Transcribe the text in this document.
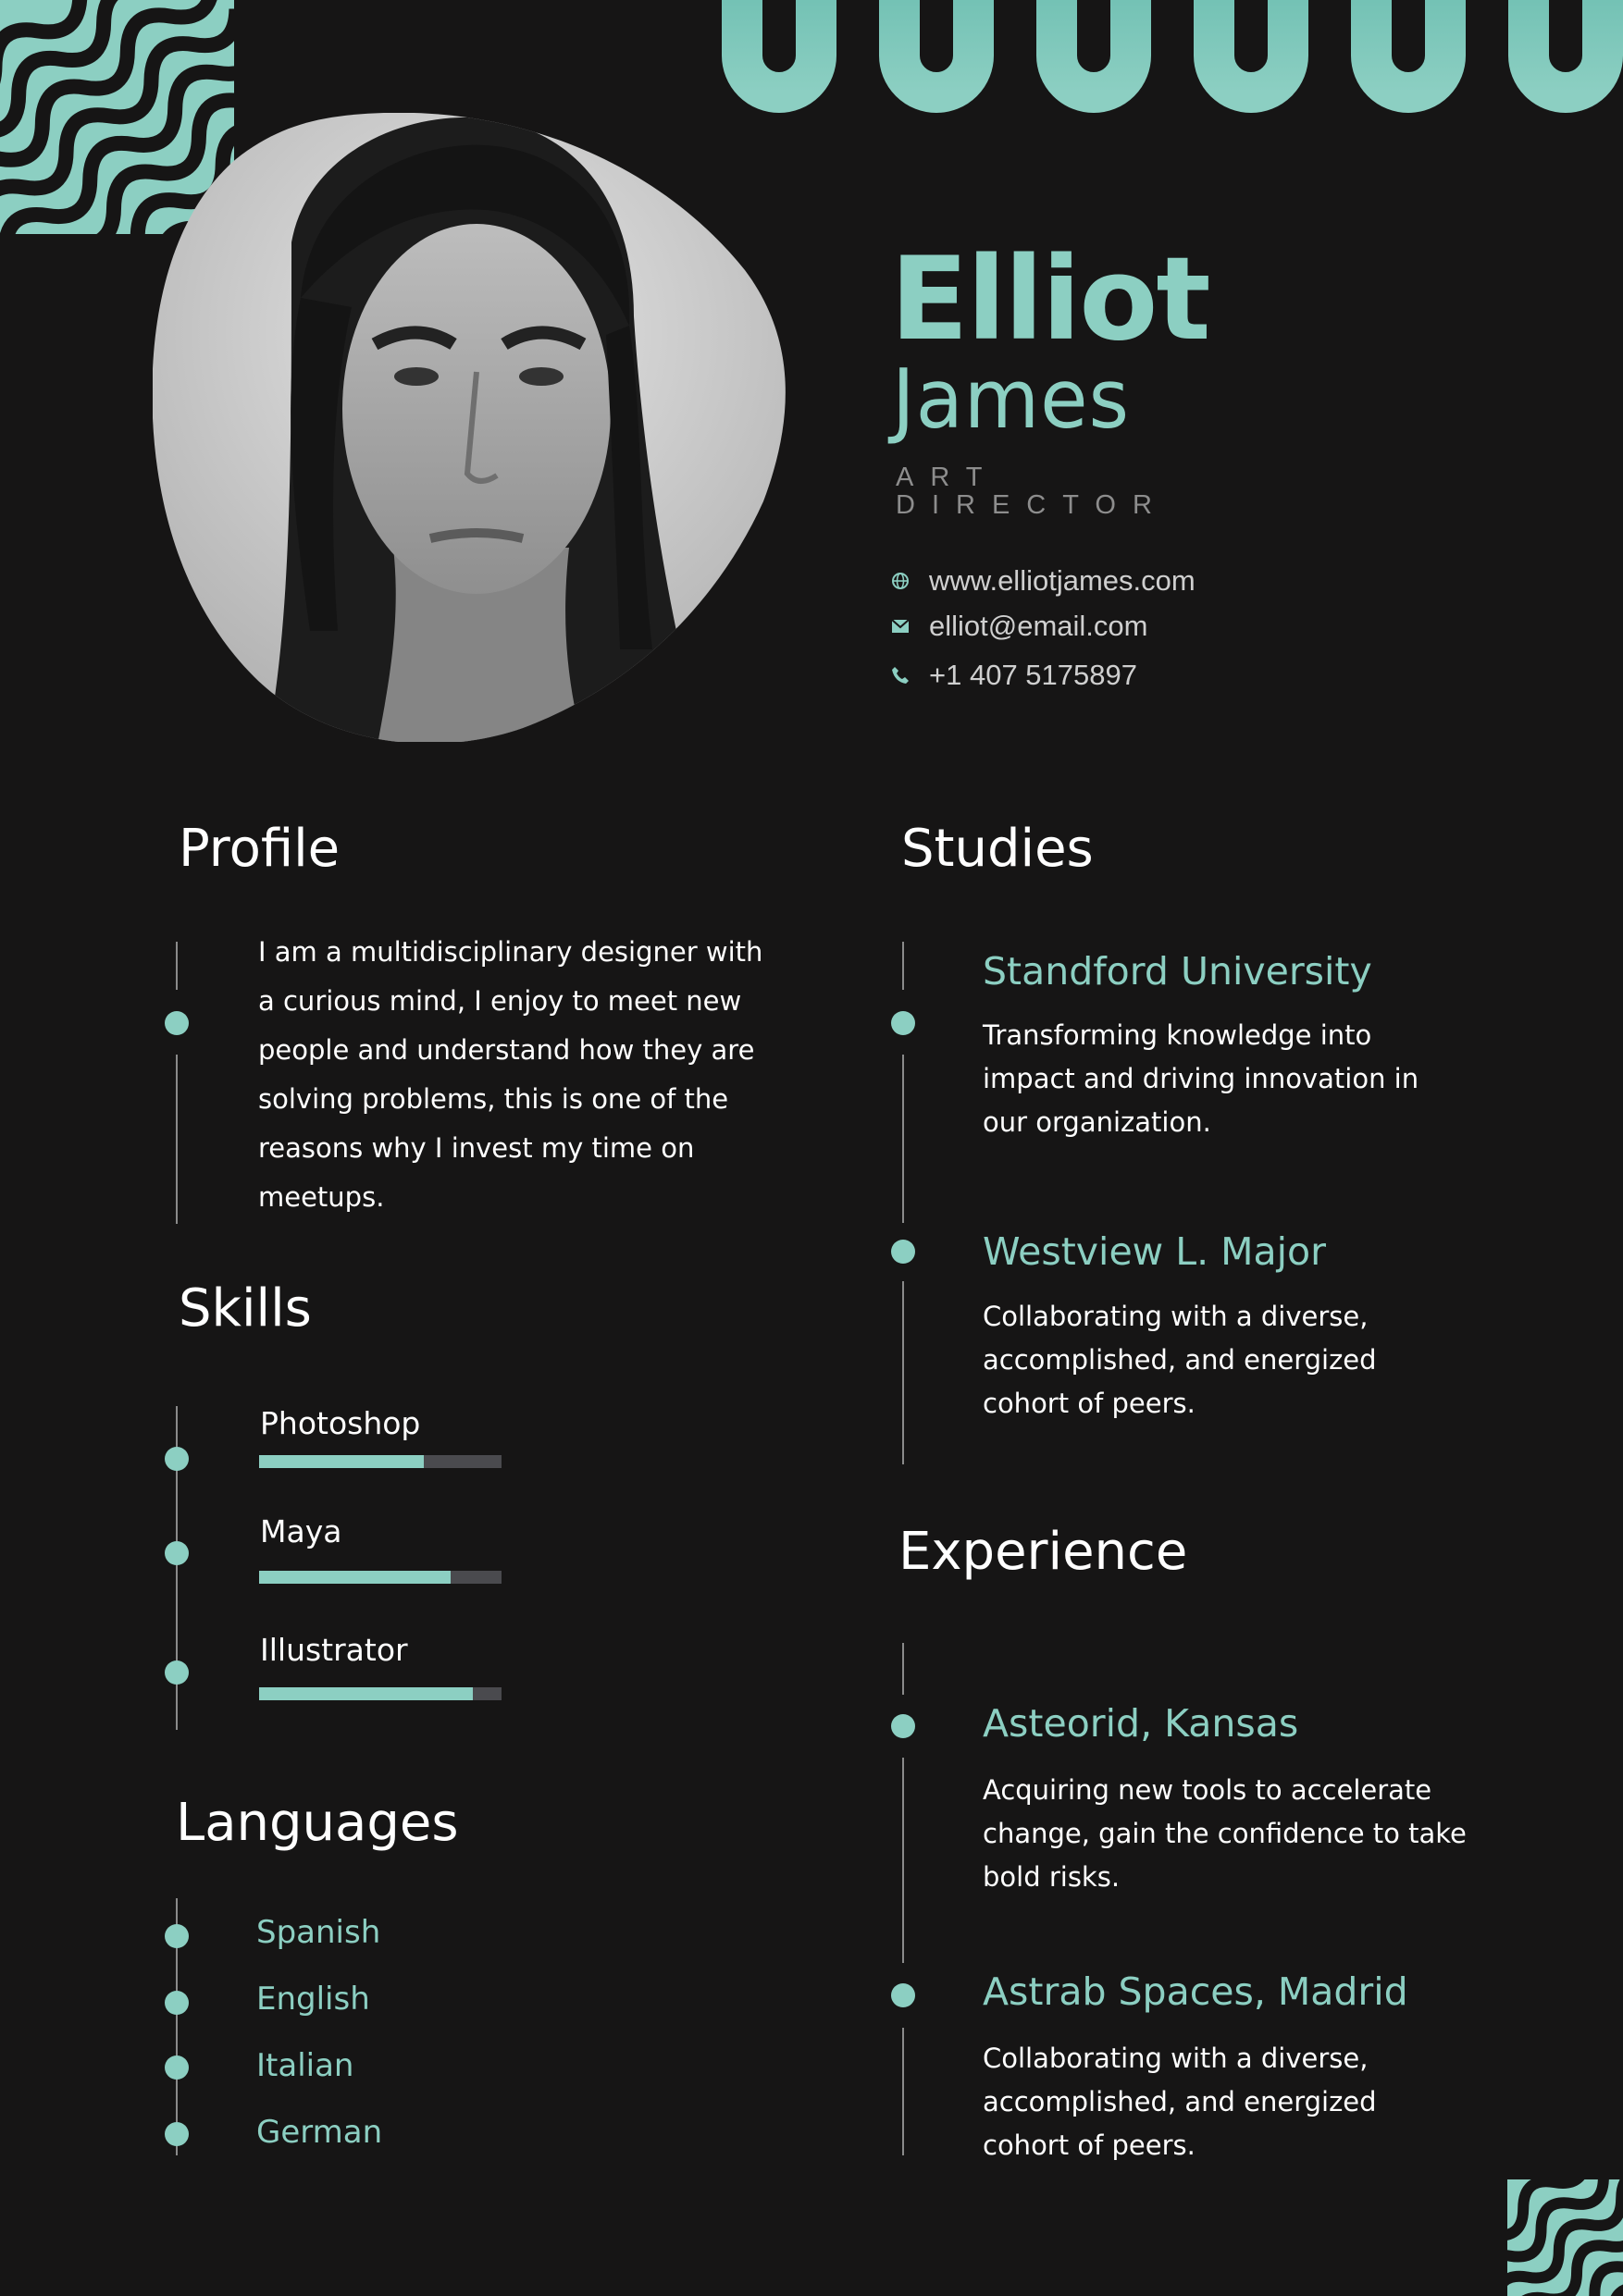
Elliot
James
ART
DIRECTOR
www.elliotjames.com
elliot@email.com
+1 407 5175897
Profile
I am a multidisciplinary designer with
a curious mind, I enjoy to meet new
people and understand how they are
solving problems, this is one of the
reasons why I invest my time on
meetups.
Skills
Photoshop
Maya
Illustrator
Languages
Spanish
English
Italian
German
Studies
Standford University
Transforming knowledge into
impact and driving innovation in
our organization.
Westview L. Major
Collaborating with a diverse,
accomplished, and energized
cohort of peers.
Experience
Asteorid, Kansas
Acquiring new tools to accelerate
change, gain the confidence to take
bold risks.
Astrab Spaces, Madrid
Collaborating with a diverse,
accomplished, and energized
cohort of peers.
